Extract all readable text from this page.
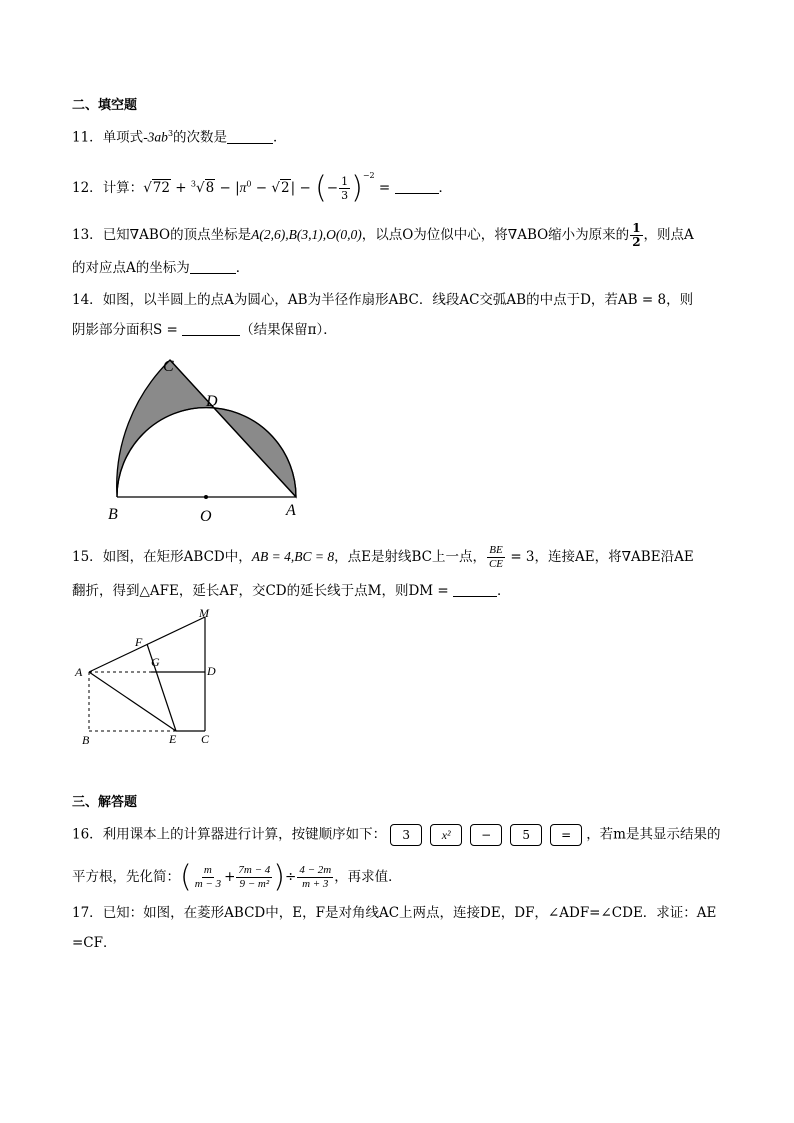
二、填空题
11．单项式$-3ab^3$的次数是	．
12．计算：$√72 + ^3√8 - |\pi^0 - √2|$ − (− $\frac{1}{3} )^{-2}$ =	．
13．已知∇ABO的顶点坐标是A(2,6),B(3,1),O(0,0)，以点O为位似中心，将∇ABO缩小为原来的 $\frac{1}{2}$ ，则点A
的对应点A的坐标为	．
14．如图，以半圆上的点A为圆心，AB为半径作扇形ABC．线段AC交弧AB的中点于D，若AB = 8，则
阴影部分面积S =	（结果保留π）．
C
D
B	O	A
15．如图，在矩形ABCD中，AB = 4,BC = 8，点E是射线BC上一点， $\frac{BE}{CE} = 3$，连接AE，将∇ABE沿AE
翻折，得到△AFE，延长AF，交CD的延长线于点M，则DM =	．
M
F
G
A	D
B	E C
三、解答题
16．利用课本上的计算器进行计算，按键顺序如下： 3	x²	−	5	= ，若m是其显示结果的
平方根，先化简：( $\frac{m}{m - 3} + \frac{7m - 4}{\text{9 − m²}}$ )÷ $\frac{4 - 2m}{m + 3}$ ，再求值．
17．已知：如图，在菱形ABCD中，E，F是对角线AC上两点，连接DE，DF，∠ADF=∠CDE．求证：AE
=CF．
